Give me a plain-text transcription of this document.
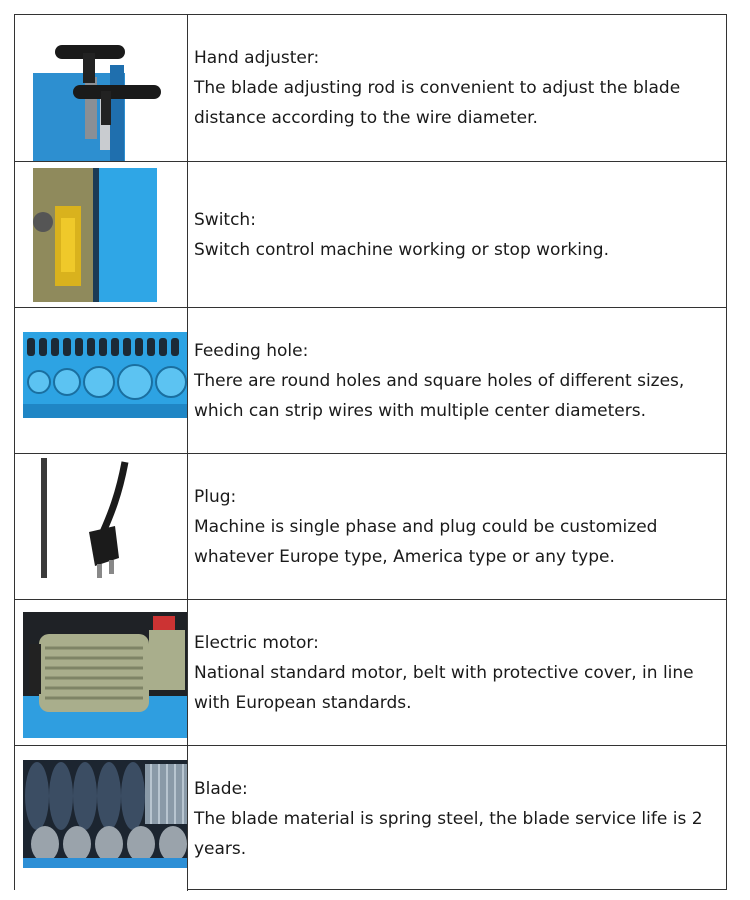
Hand adjuster:

The blade adjusting rod is convenient to adjust the blade distance according to the wire diameter.

Switch:

Switch control machine working or stop working.

Feeding hole:

There are round holes and square holes of different sizes, which can strip wires with multiple center diameters.

Plug:

Machine is single phase and plug could be customized whatever Europe type, America type or any type.

Electric motor:

National standard motor, belt with protective cover, in line with European standards.

Blade:

The blade material is spring steel, the blade service life is 2 years.
